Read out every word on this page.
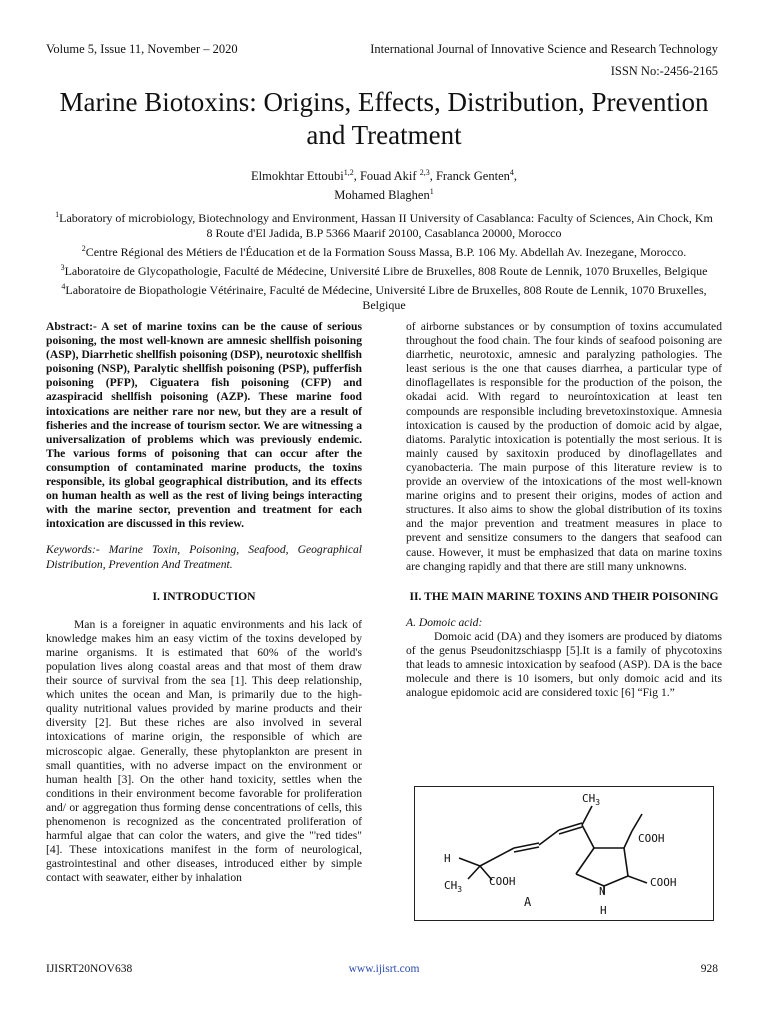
Volume 5, Issue 11, November – 2020	International Journal of Innovative Science and Research Technology
ISSN No:-2456-2165
Marine Biotoxins: Origins, Effects, Distribution, Prevention and Treatment
Elmokhtar Ettoubi$^{1,2}$, Fouad Akif $^{2,3}$, Franck Genten$^4$,
Mohamed Blaghen$^1$

$^1$Laboratory of microbiology, Biotechnology and Environment, Hassan II University of Casablanca: Faculty of Sciences, Ain Chock, Km 8 Route d'El Jadida, B.P 5366 Maarif 20100, Casablanca 20000, Morocco

$^2$Centre Régional des Métiers de l'Éducation et de la Formation Souss Massa, B.P. 106 My. Abdellah Av. Inezegane, Morocco.

$^3$Laboratoire de Glycopathologie, Faculté de Médecine, Université Libre de Bruxelles, 808 Route de Lennik, 1070 Bruxelles, Belgique

$^4$Laboratoire de Biopathologie Vétérinaire, Faculté de Médecine, Université Libre de Bruxelles, 808 Route de Lennik, 1070 Bruxelles, Belgique

Abstract:- A set of marine toxins can be the cause of serious poisoning, the most well-known are amnesic shellfish poisoning (ASP), Diarrhetic shellfish poisoning (DSP), neurotoxic shellfish poisoning (NSP), Paralytic shellfish poisoning (PSP), pufferfish poisoning (PFP), Ciguatera fish poisoning (CFP) and azaspiracid shellfish poisoning (AZP). These marine food intoxications are neither rare nor new, but they are a result of fisheries and the increase of tourism sector. We are witnessing a universalization of problems which was previously endemic. The various forms of poisoning that can occur after the consumption of contaminated marine products, the toxins responsible, its global geographical distribution, and its effects on human health as well as the rest of living beings interacting with the marine sector, prevention and treatment for each intoxication are discussed in this review.

Keywords:- Marine Toxin, Poisoning, Seafood, Geographical Distribution, Prevention And Treatment.

I. INTRODUCTION

Man is a foreigner in aquatic environments and his lack of knowledge makes him an easy victim of the toxins developed by marine organisms. It is estimated that 60% of the world's population lives along coastal areas and that most of them draw their source of survival from the sea [1]. This deep relationship, which unites the ocean and Man, is primarily due to the high-quality nutritional values provided by marine products and their diversity [2]. But these riches are also involved in several intoxications of marine origin, the responsible of which are microscopic algae. Generally, these phytoplankton are present in small quantities, with no adverse impact on the environment or human health [3]. On the other hand toxicity, settles when the conditions in their environment become favorable for proliferation and/ or aggregation thus forming dense concentrations of cells, this phenomenon is recognized as the concentrated proliferation of harmful algae that can color the waters, and give the "'red tides" [4]. These intoxications manifest in the form of neurological, gastrointestinal and other diseases, introduced either by simple contact with seawater, either by inhalation

of airborne substances or by consumption of toxins accumulated throughout the food chain. The four kinds of seafood poisoning are diarrhetic, neurotoxic, amnesic and paralyzing pathologies. The least serious is the one that causes diarrhea, a particular type of dinoflagellates is responsible for the production of the poison, the okadai acid. With regard to neuroíntoxication at least ten compounds are responsible including brevetoxinstoxique. Amnesia intoxication is caused by the production of domoic acid by algae, diatoms. Paralytic intoxication is potentially the most serious. It is mainly caused by saxitoxin produced by dinoflagellates and cyanobacteria. The main purpose of this literature review is to provide an overview of the intoxications of the most well-known marine origins and to present their origins, modes of action and structures. It also aims to show the global distribution of its toxins and the major prevention and treatment measures in place to prevent and sensitize consumers to the dangers that seafood can cause. However, it must be emphasized that data on marine toxins are changing rapidly and that there are still many unknowns.

II. THE MAIN MARINE TOXINS AND THEIR POISONING

A. Domoic acid:

Domoic acid (DA) and they isomers are produced by diatoms of the genus Pseudonitzschiaspp [5].It is a family of phycotoxins that leads to amnesic intoxication by seafood (ASP). DA is the bace molecule and there is 10 isomers, but only domoic acid and its analogue epidomoic acid are considered toxic [6] “Fig 1.”

$CH_3$
COOH
H
$CH_3$
COOH	COOH
N
H
A
IJISRT20NOV638	www.ijisrt.com	928
